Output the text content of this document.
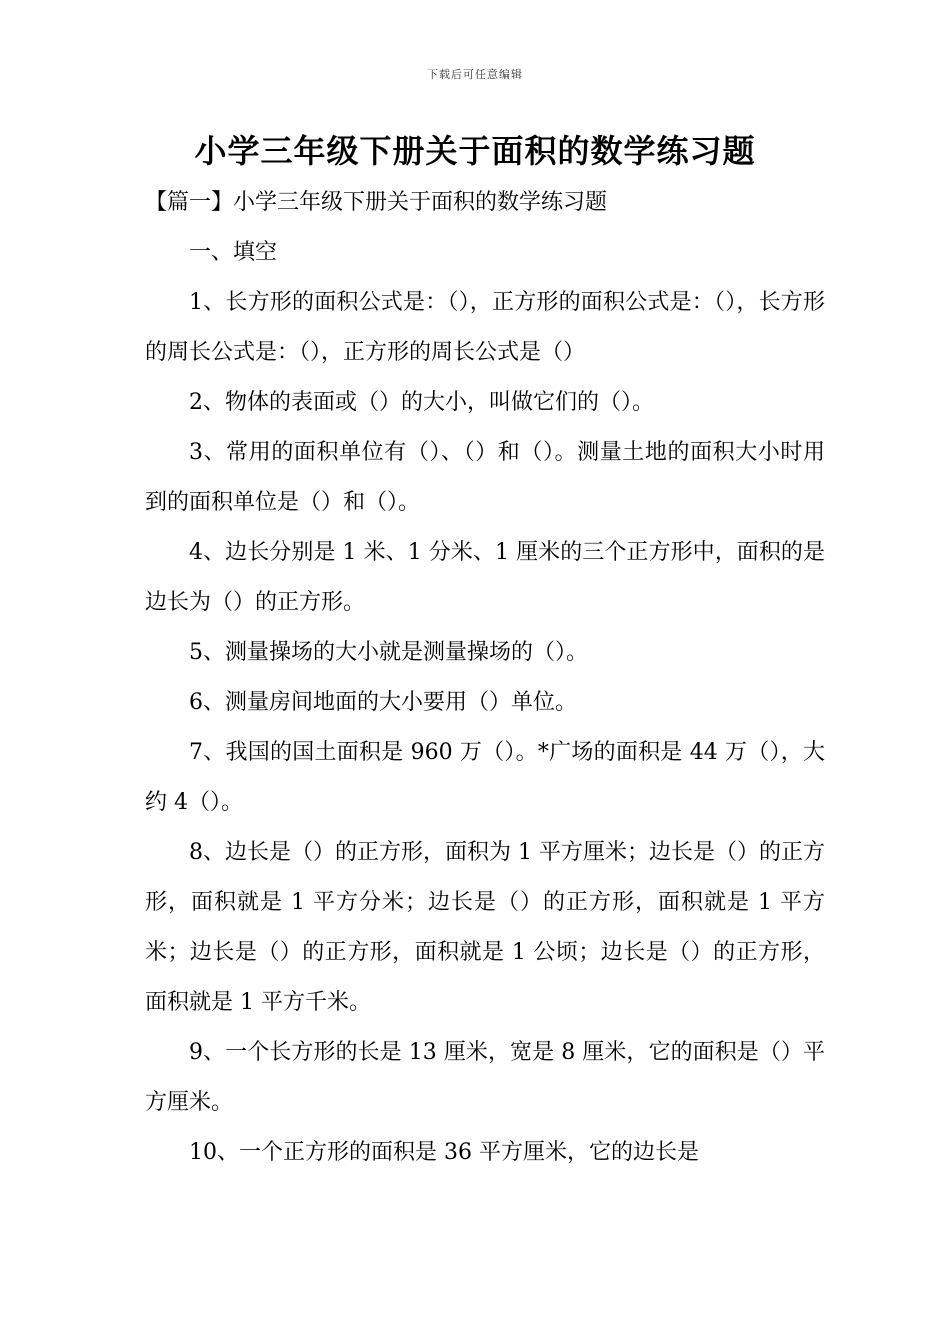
下载后可任意编辑
小学三年级下册关于面积的数学练习题
【篇一】小学三年级下册关于面积的数学练习题

一、填空

1、长方形的面积公式是：（），正方形的面积公式是：（），长方形的周长公式是：（），正方形的周长公式是（）

2、物体的表面或（）的大小，叫做它们的（）。

3、常用的面积单位有（）、（）和（）。测量土地的面积大小时用到的面积单位是（）和（）。

4、边长分别是 1 米、1 分米、1 厘米的三个正方形中，面积的是边长为（）的正方形。

5、测量操场的大小就是测量操场的（）。

6、测量房间地面的大小要用（）单位。

7、我国的国土面积是 960 万（）。*广场的面积是 44 万（），大约 4（）。

8、边长是（）的正方形，面积为 1 平方厘米；边长是（）的正方形，面积就是 1 平方分米；边长是（）的正方形，面积就是 1 平方米；边长是（）的正方形，面积就是 1 公顷；边长是（）的正方形，面积就是 1 平方千米。

9、一个长方形的长是 13 厘米，宽是 8 厘米，它的面积是（）平方厘米。

10、一个正方形的面积是 36 平方厘米，它的边长是
